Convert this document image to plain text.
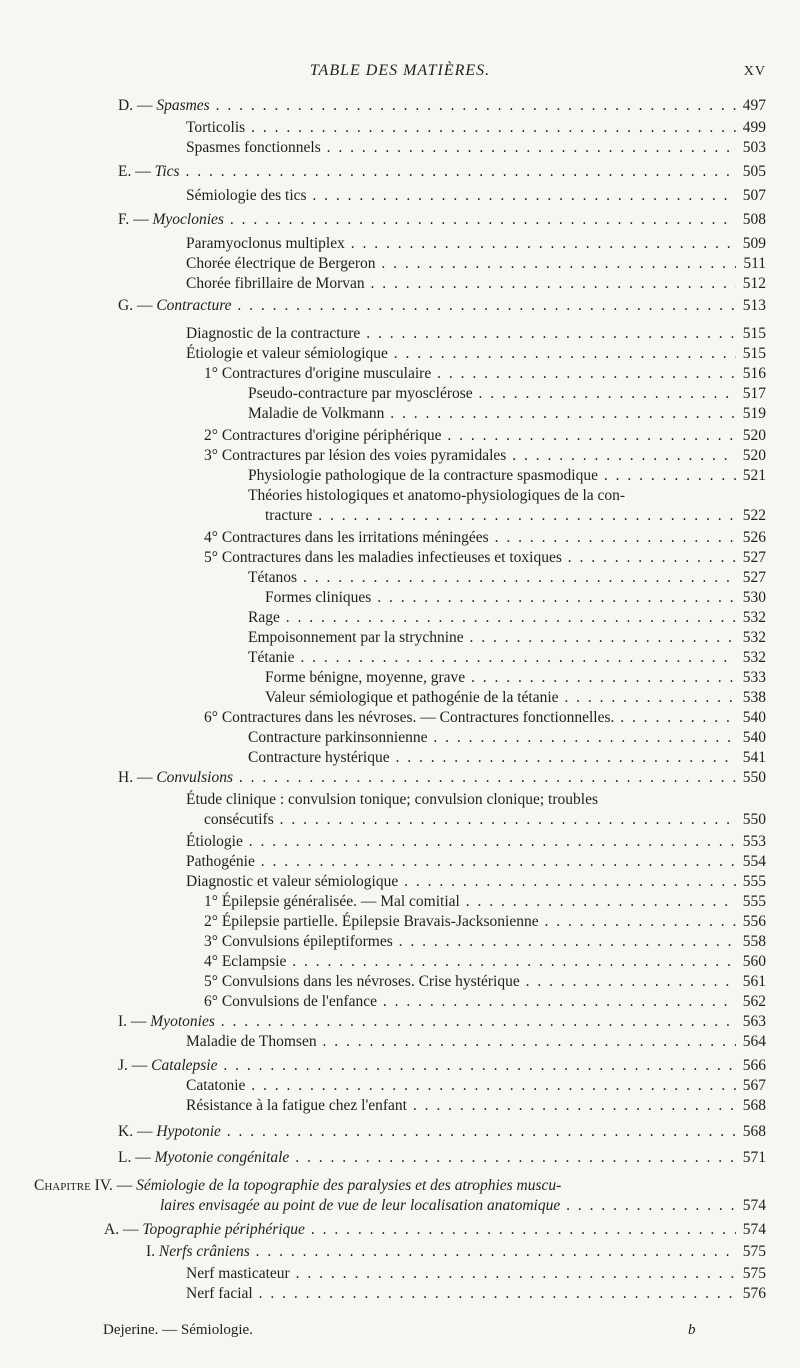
TABLE DES MATIÈRES.	XV
D. — Spasmes . . .	497
Torticolis . . .	499
Spasmes fonctionnels . . .	503
E. — Tics . . .	505
Sémiologie des tics . . .	507
F. — Myoclonies . . .	508
Paramyoclonus multiplex . . .	509
Chorée électrique de Bergeron . . .	511
Chorée fibrillaire de Morvan . . .	512
G. — Contracture . . .	513
Diagnostic de la contracture . . .	515
Étiologie et valeur sémiologique . . .	515
1° Contractures d'origine musculaire . . .	516
Pseudo-contracture par myosclérose . . .	517
Maladie de Volkmann . . .	519
2° Contractures d'origine périphérique . . .	520
3° Contractures par lésion des voies pyramidales . . .	520
Physiologie pathologique de la contracture spasmodique . . .	521
Théories histologiques et anatomo-physiologiques de la con-
tracture . . .	522
4° Contractures dans les irritations méningées . . .	526
5° Contractures dans les maladies infectieuses et toxiques . . .	527
Tétanos . . .	527
Formes cliniques . . .	530
Rage . . .	532
Empoisonnement par la strychnine . . .	532
Tétanie . . .	532
Forme bénigne, moyenne, grave . . .	533
Valeur sémiologique et pathogénie de la tétanie . . .	538
6° Contractures dans les névroses. — Contractures fonctionnelles. . . .	540
Contracture parkinsonnienne . . .	540
Contracture hystérique . . .	541
H. — Convulsions . . .	550
Étude clinique : convulsion tonique; convulsion clonique; troubles
consécutifs . . .	550
Étiologie . . .	553
Pathogénie . . .	554
Diagnostic et valeur sémiologique . . .	555
1° Épilepsie généralisée. — Mal comitial . . .	555
2° Épilepsie partielle. Épilepsie Bravais-Jacksonienne . . .	556
3° Convulsions épileptiformes . . .	558
4° Eclampsie . . .	560
5° Convulsions dans les névroses. Crise hystérique . . .	561
6° Convulsions de l'enfance . . .	562
I. — Myotonies . . .	563
Maladie de Thomsen . . .	564
J. — Catalepsie . . .	566
Catatonie . . .	567
Résistance à la fatigue chez l'enfant . . .	568
K. — Hypotonie . . .	568
L. — Myotonie congénitale . . .	571
Chapitre IV. — Sémiologie de la topographie des paralysies et des atrophies muscu-
laires envisagée au point de vue de leur localisation anatomique . . .	574
A. — Topographie périphérique . . .	574
I. Nerfs crâniens . . .	575
Nerf masticateur . . .	575
Nerf facial . . .	576
Dejerine. — Sémiologie.	b
